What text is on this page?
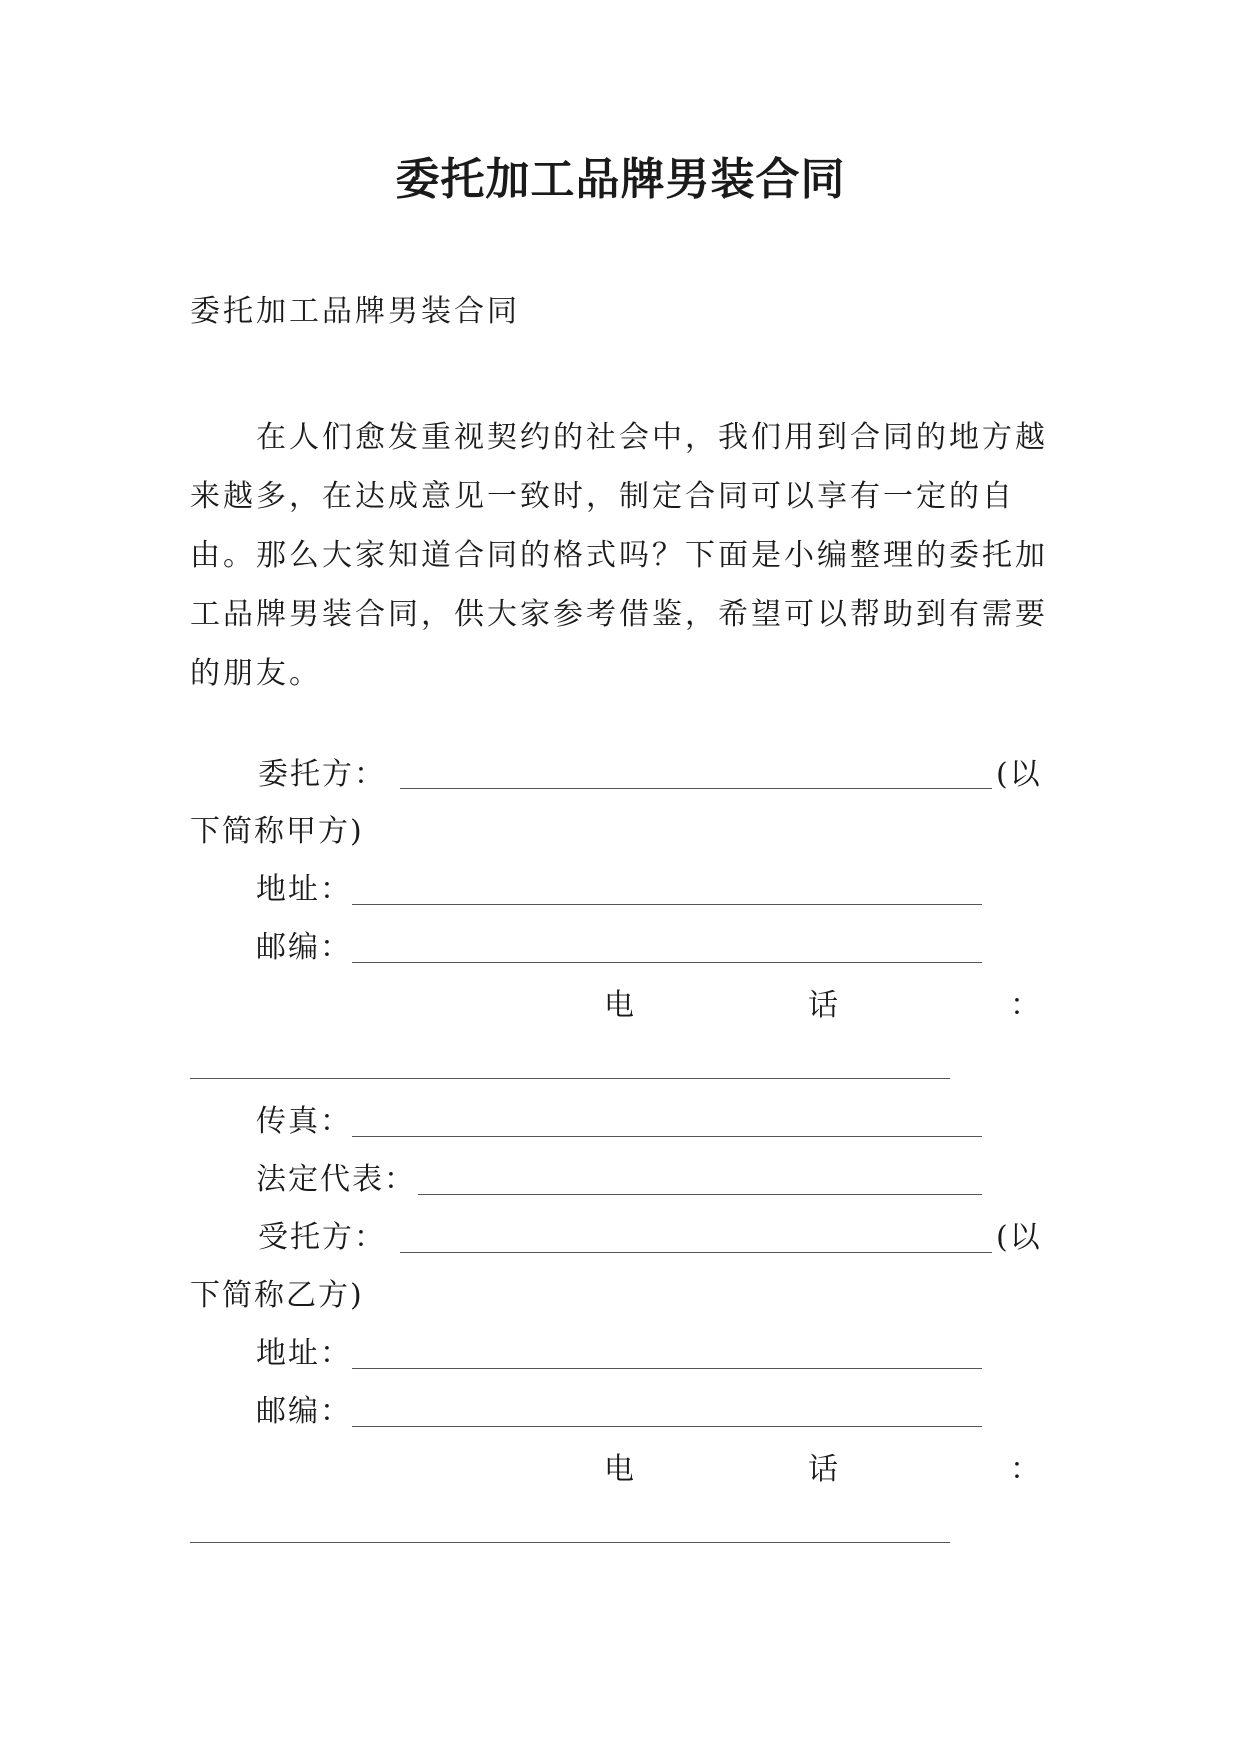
委托加工品牌男装合同
委托加工品牌男装合同

在人们愈发重视契约的社会中，我们用到合同的地方越来越多，在达成意见一致时，制定合同可以享有一定的自由。那么大家知道合同的格式吗？下面是小编整理的委托加工品牌男装合同，供大家参考借鉴，希望可以帮助到有需要的朋友。

委托方：	(以
下简称甲方)
地址：
邮编：
电	话	：
传真：
法定代表：
受托方：	(以
下简称乙方)
地址：
邮编：
电	话	：
